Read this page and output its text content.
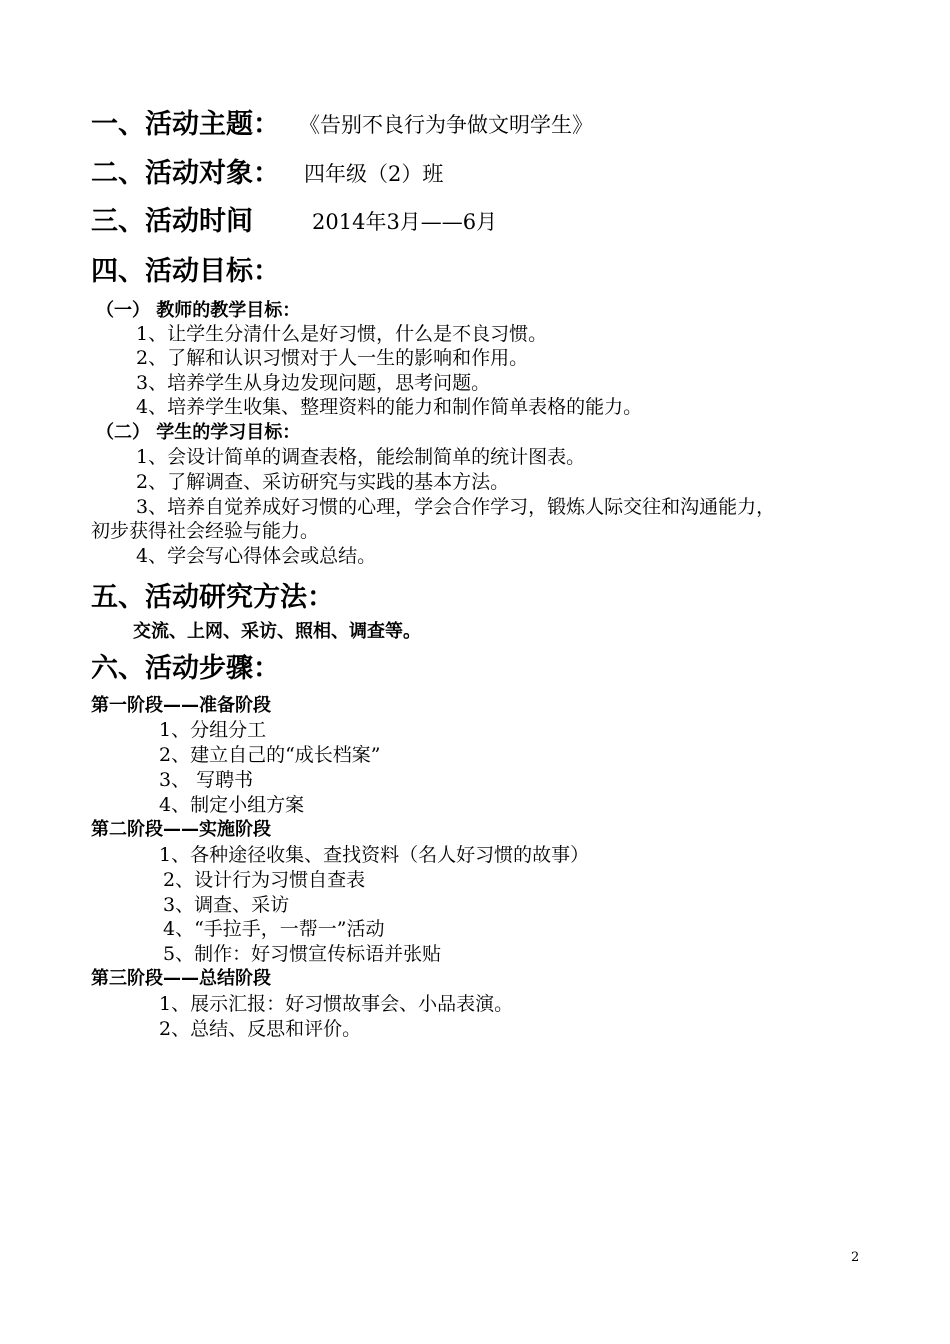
一、活动主题： 《告别不良行为争做文明学生》
二、活动对象： 四年级（2）班
三、活动时间	2014年3月——6月
四、活动目标：
（一） 教师的教学目标：
1、让学生分清什么是好习惯，什么是不良习惯。
2、了解和认识习惯对于人一生的影响和作用。
3、培养学生从身边发现问题，思考问题。
4、培养学生收集、整理资料的能力和制作简单表格的能力。
（二） 学生的学习目标：
1、会设计简单的调查表格，能绘制简单的统计图表。
2、了解调查、采访研究与实践的基本方法。
3、培养自觉养成好习惯的心理，学会合作学习，锻炼人际交往和沟通能力，
初步获得社会经验与能力。
4、学会写心得体会或总结。
五、活动研究方法：
交流、上网、采访、照相、调查等。
六、活动步骤：
第一阶段——准备阶段
1、分组分工
2、建立自己的“成长档案”
3、 写聘书
4、制定小组方案
第二阶段——实施阶段
1、各种途径收集、查找资料（名人好习惯的故事）
2、设计行为习惯自查表
3、调查、采访
4、“手拉手，一帮一”活动
5、制作：好习惯宣传标语并张贴
第三阶段——总结阶段
1、展示汇报：好习惯故事会、小品表演。
2、总结、反思和评价。
2
